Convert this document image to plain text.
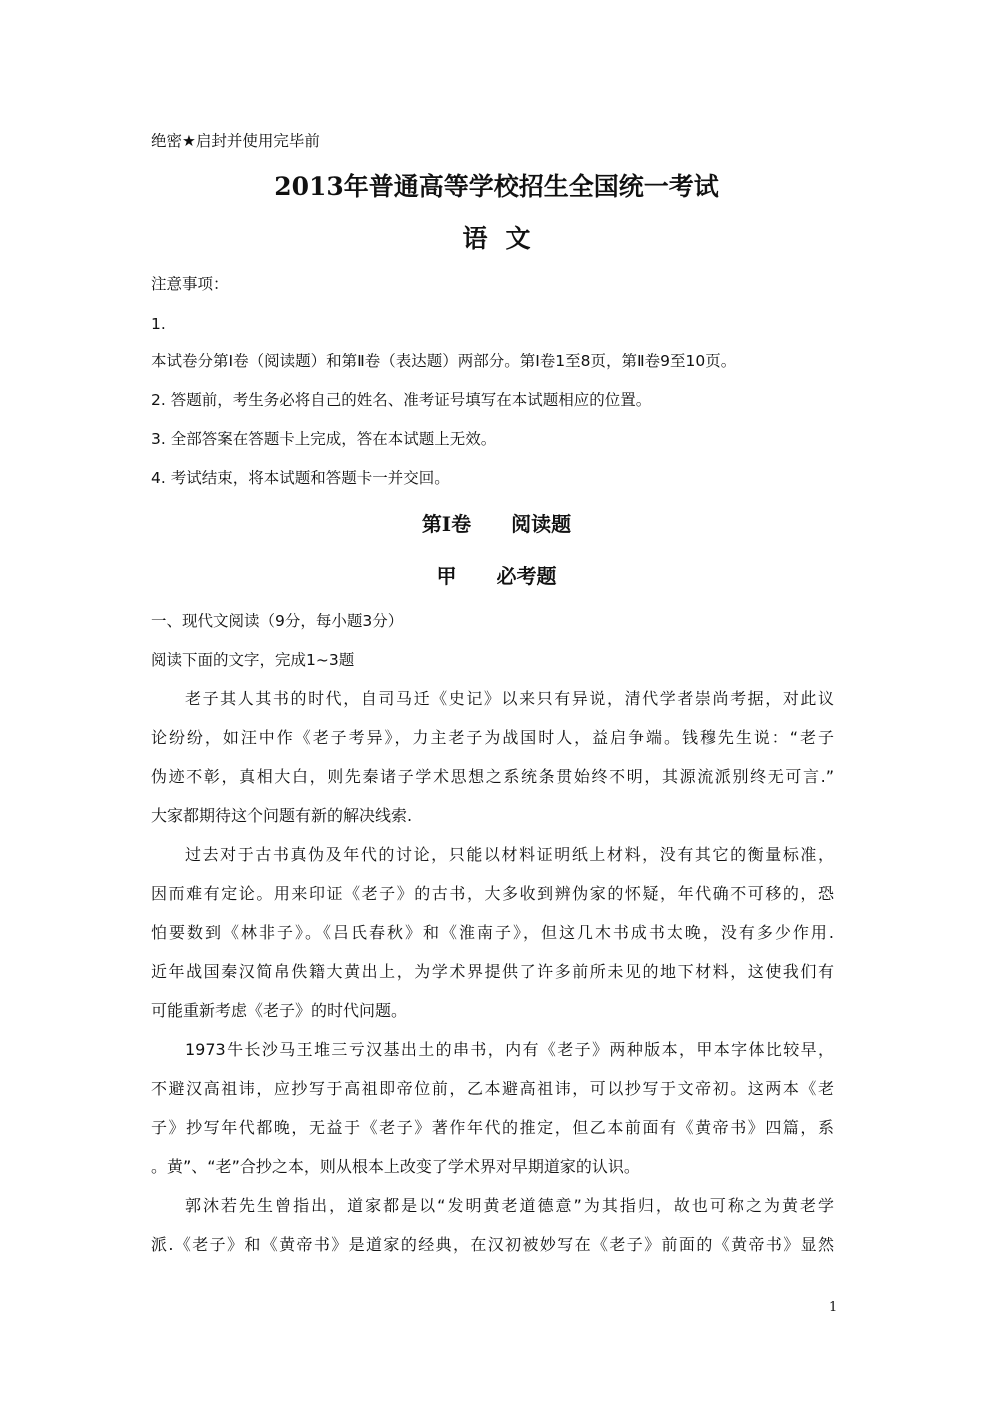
绝密★启封并使用完毕前
2013年普通高等学校招生全国统一考试
语文
注意事项：
1.
本试卷分第Ⅰ卷（阅读题）和第Ⅱ卷（表达题）两部分。第Ⅰ卷1至8页，第Ⅱ卷9至10页。
2. 答题前，考生务必将自己的姓名、准考证号填写在本试题相应的位置。
3. 全部答案在答题卡上完成，答在本试题上无效。
4. 考试结束，将本试题和答题卡一并交回。
第Ⅰ卷　　阅读题
甲　　必考题
一、现代文阅读（9分，每小题3分）
阅读下面的文字，完成1~3题
老子其人其书的时代，自司马迁《史记》以来只有异说，清代学者崇尚考据，对此议
论纷纷，如汪中作《老子考异》，力主老子为战国时人，益启争端。钱穆先生说：“老子
伪迹不彰，真相大白，则先秦诸子学术思想之系统条贯始终不明，其源流派别终无可言.”
大家都期待这个问题有新的解决线索.
过去对于古书真伪及年代的讨论，只能以材料证明纸上材料，没有其它的衡量标准，
因而难有定论。用来印证《老子》的古书，大多收到辨伪家的怀疑，年代确不可移的，恐
怕要数到《林非子》。《吕氏春秋》和《淮南子》，但这几木书成书太晚，没有多少作用.
近年战国秦汉简帛佚籍大黄出上，为学术界提供了许多前所未见的地下材料，这使我们有
可能重新考虑《老子》的时代问题。
1973牛长沙马王堆三亏汉基出土的串书，内有《老子》两种版本，甲本字体比较早，
不避汉高祖讳，应抄写于高祖即帝位前，乙本避高祖讳，可以抄写于文帝初。这两本《老
子》抄写年代都晚，无益于《老子》著作年代的推定，但乙本前面有《黄帝书》四篇，系
。黄”、“老”合抄之本，则从根本上改变了学术界对早期道家的认识。
郭沐若先生曾指出，道家都是以“发明黄老道德意”为其指归，故也可称之为黄老学
派.《老子》和《黄帝书》是道家的经典，在汉初被妙写在《老子》前面的《黄帝书》显然
1
